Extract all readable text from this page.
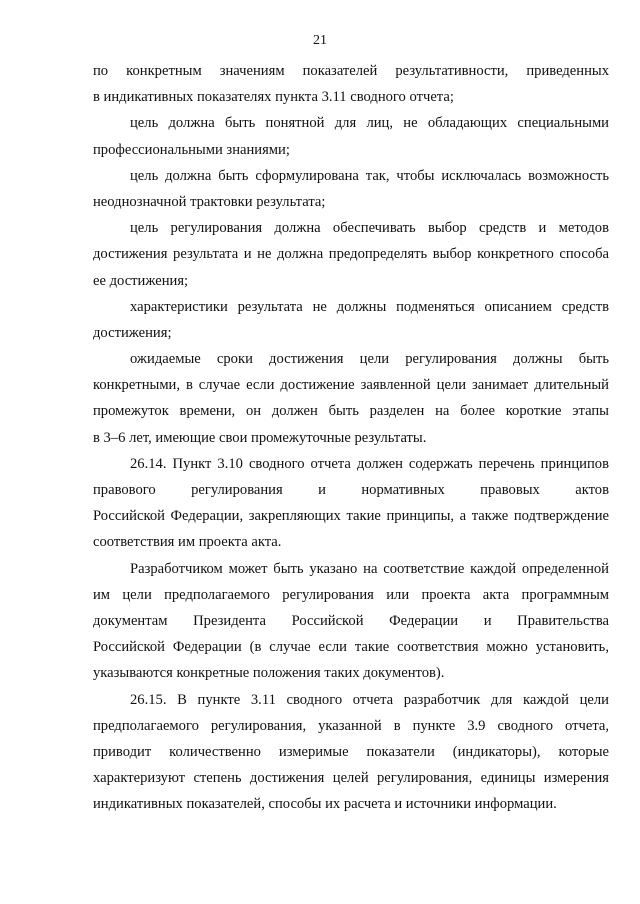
21
по конкретным значениям показателей результативности, приведенных
в индикативных показателях пункта 3.11 сводного отчета;
цель должна быть понятной для лиц, не обладающих специальными
профессиональными знаниями;
цель должна быть сформулирована так, чтобы исключалась возможность
неоднозначной трактовки результата;
цель регулирования должна обеспечивать выбор средств и методов
достижения результата и не должна предопределять выбор конкретного способа
ее достижения;
характеристики результата не должны подменяться описанием средств
достижения;
ожидаемые сроки достижения цели регулирования должны быть
конкретными, в случае если достижение заявленной цели занимает длительный
промежуток времени, он должен быть разделен на более короткие этапы
в 3–6 лет, имеющие свои промежуточные результаты.
26.14. Пункт 3.10 сводного отчета должен содержать перечень принципов
правового регулирования и нормативных правовых актов
Российской Федерации, закрепляющих такие принципы, а также подтверждение
соответствия им проекта акта.
Разработчиком может быть указано на соответствие каждой определенной
им цели предполагаемого регулирования или проекта акта программным
документам Президента Российской Федерации и Правительства
Российской Федерации (в случае если такие соответствия можно установить,
указываются конкретные положения таких документов).
26.15. В пункте 3.11 сводного отчета разработчик для каждой цели
предполагаемого регулирования, указанной в пункте 3.9 сводного отчета,
приводит количественно измеримые показатели (индикаторы), которые
характеризуют степень достижения целей регулирования, единицы измерения
индикативных показателей, способы их расчета и источники информации.
